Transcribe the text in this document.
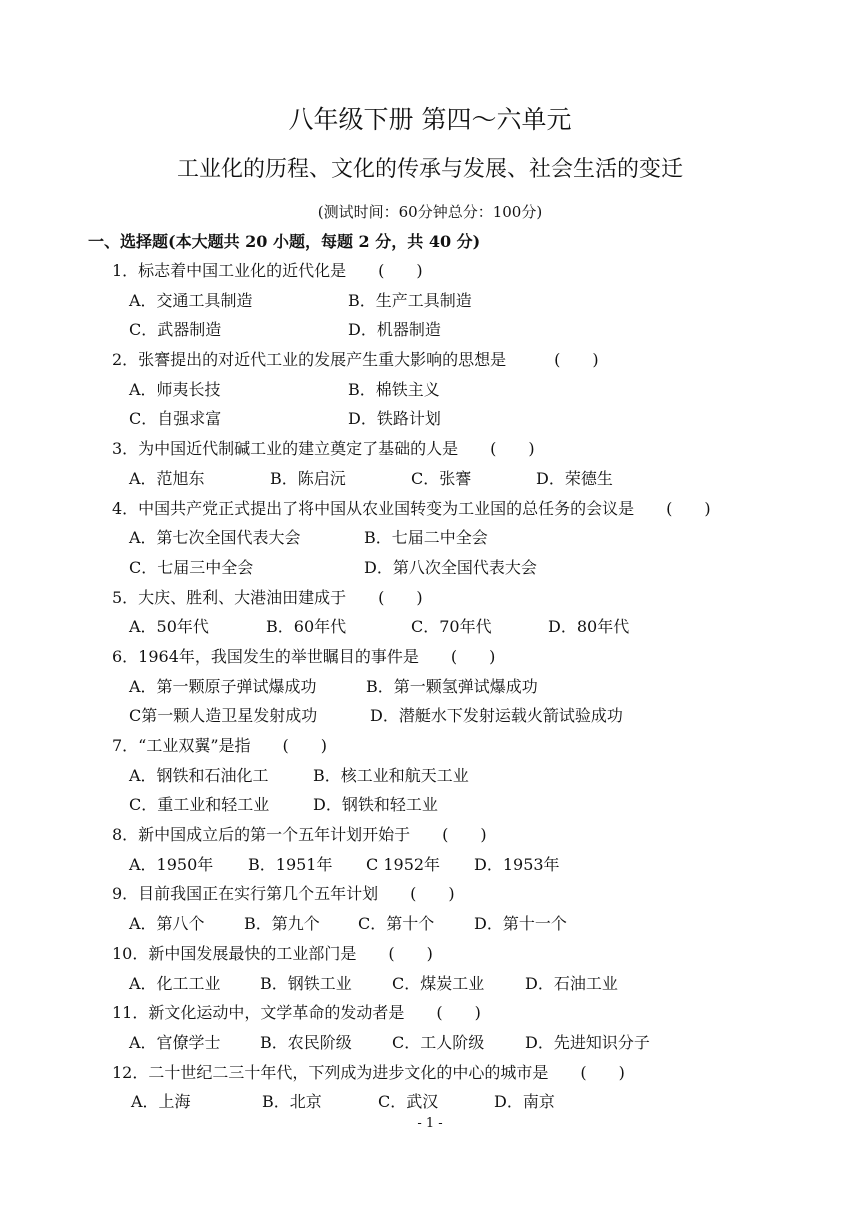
八年级下册 第四～六单元
工业化的历程、文化的传承与发展、社会生活的变迁
(测试时间：60分钟总分：100分)
一、选择题(本大题共 20 小题，每题 2 分，共 40 分)
1．标志着中国工业化的近代化是　　(　　)
A．交通工具制造	B．生产工具制造
C．武器制造	D．机器制造
2．张謇提出的对近代工业的发展产生重大影响的思想是　　　(　　)
A．师夷长技	B．棉铁主义
C．自强求富	D．铁路计划
3．为中国近代制碱工业的建立奠定了基础的人是　　(　　)
A．范旭东	B．陈启沅	C．张謇	D．荣德生
4．中国共产党正式提出了将中国从农业国转变为工业国的总任务的会议是　　(　　)
A．第七次全国代表大会	B．七届二中全会
C．七届三中全会	D．第八次全国代表大会
5．大庆、胜利、大港油田建成于　　(　　)
A．50年代	B．60年代	C．70年代	D．80年代
6．1964年，我国发生的举世瞩目的事件是　　(　　)
A．第一颗原子弹试爆成功	B．第一颗氢弹试爆成功
C第一颗人造卫星发射成功	D．潜艇水下发射运载火箭试验成功
7．“工业双翼”是指　　(　　)
A．钢铁和石油化工	B．核工业和航天工业
C．重工业和轻工业	D．钢铁和轻工业
8．新中国成立后的第一个五年计划开始于　　(　　)
A．1950年 B．1951年 C 1952年 D．1953年
9．目前我国正在实行第几个五年计划　　(　　)
A．第八个 B．第九个 C．第十个 D．第十一个
10．新中国发展最快的工业部门是　　(　　)
A．化工工业 B．钢铁工业	C．煤炭工业	D．石油工业
11．新文化运动中，文学革命的发动者是　　(　　)
A．官僚学士 B．农民阶级	C．工人阶级	D．先进知识分子
12．二十世纪二三十年代，下列成为进步文化的中心的城市是　　(　　)
A．上海	B．北京	C．武汉	D．南京
- 1 -
